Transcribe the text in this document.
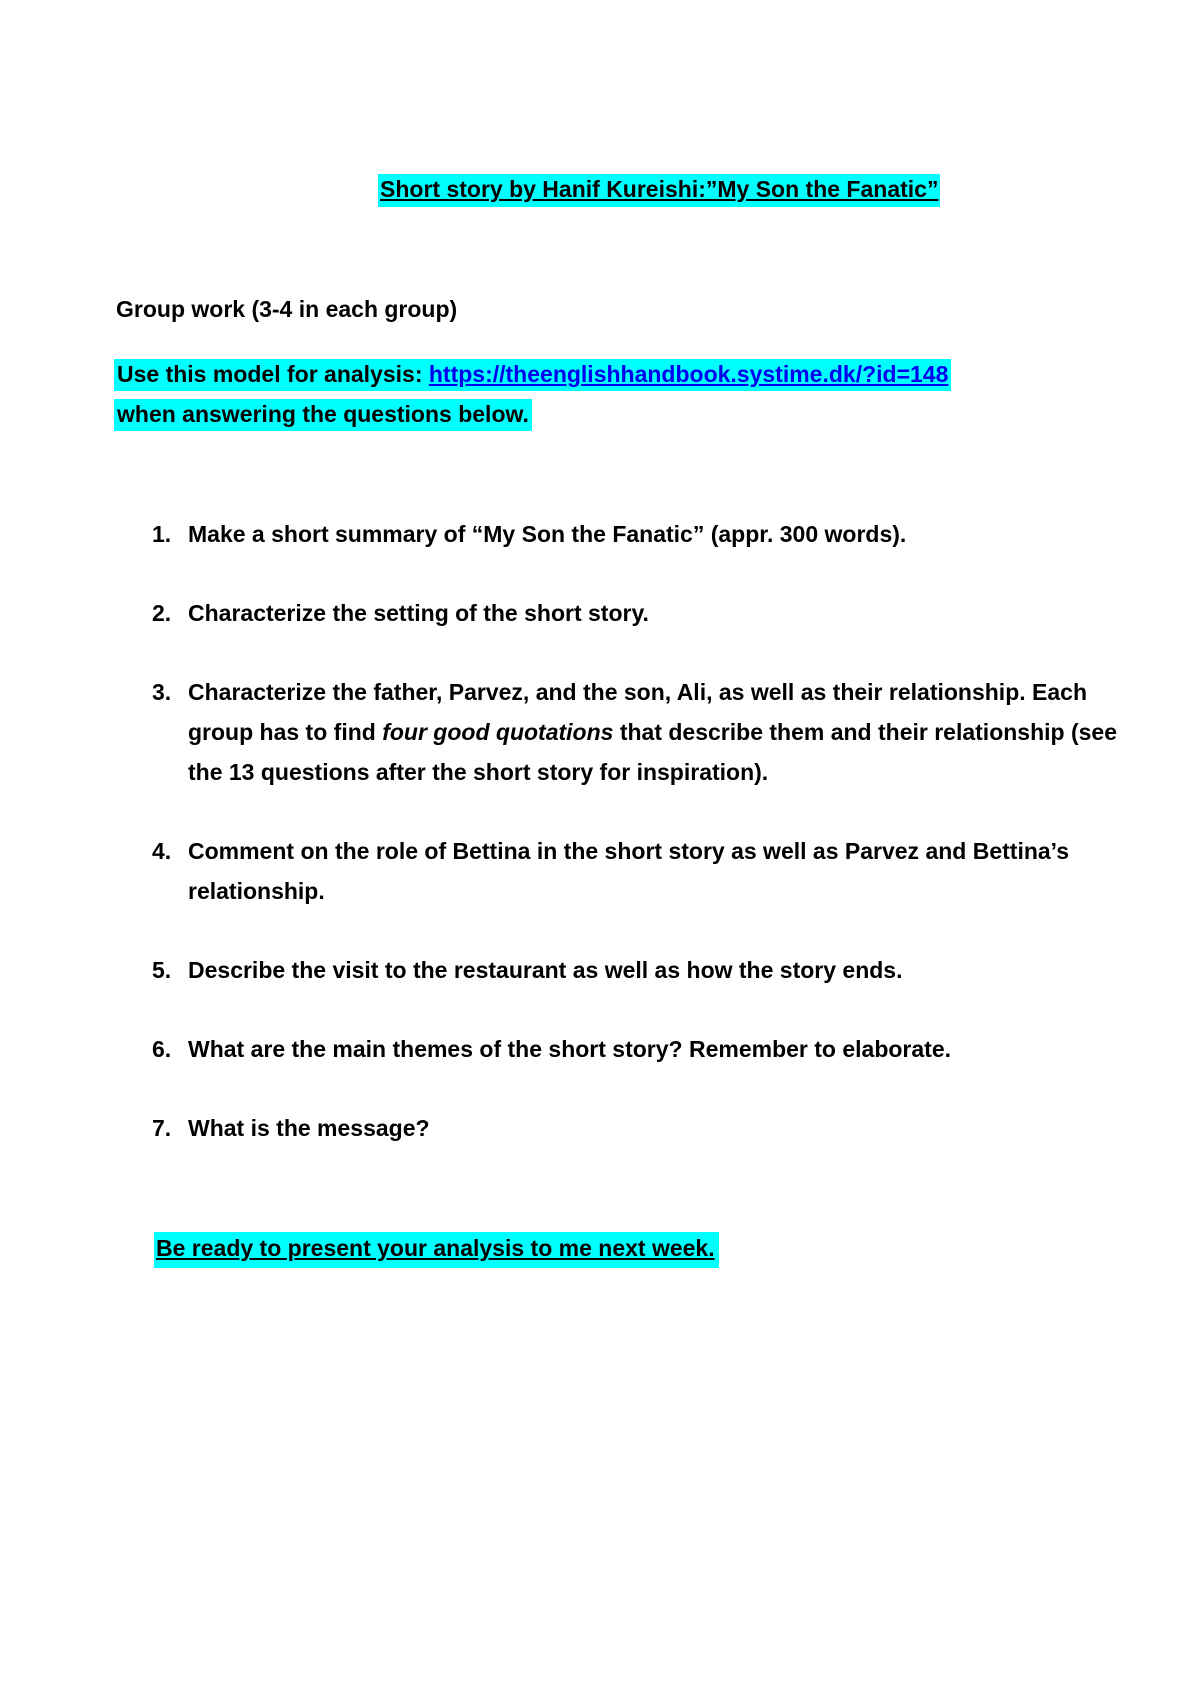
Short story by Hanif Kureishi:”My Son the Fanatic”
Group work (3-4 in each group)
Use this model for analysis: https://theenglishhandbook.systime.dk/?id=148
when answering the questions below.
1. Make a short summary of “My Son the Fanatic” (appr. 300 words).
2. Characterize the setting of the short story.
3. Characterize the father, Parvez, and the son, Ali, as well as their relationship. Each group has to find four good quotations that describe them and their relationship (see the 13 questions after the short story for inspiration).
4. Comment on the role of Bettina in the short story as well as Parvez and Bettina’s relationship.
5. Describe the visit to the restaurant as well as how the story ends.
6. What are the main themes of the short story? Remember to elaborate.
7. What is the message?
Be ready to present your analysis to me next week.
